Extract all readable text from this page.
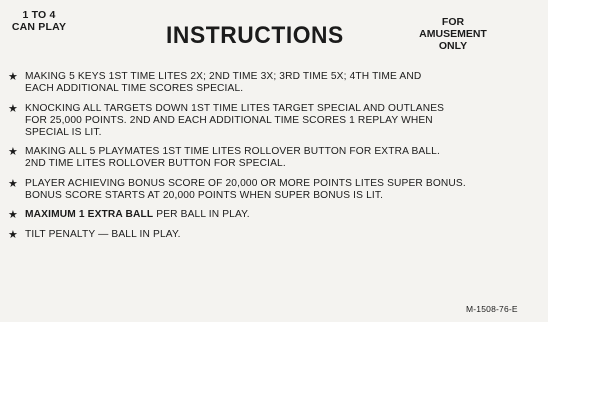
1 TO 4
CAN PLAY	INSTRUCTIONS	FOR
AMUSEMENT
ONLY
★ MAKING 5 KEYS 1ST TIME LITES 2X; 2ND TIME 3X; 3RD TIME 5X; 4TH TIME AND
EACH ADDITIONAL TIME SCORES SPECIAL.
★ KNOCKING ALL TARGETS DOWN 1ST TIME LITES TARGET SPECIAL AND OUTLANES
FOR 25,000 POINTS. 2ND AND EACH ADDITIONAL TIME SCORES 1 REPLAY WHEN
SPECIAL IS LIT.
★ MAKING ALL 5 PLAYMATES 1ST TIME LITES ROLLOVER BUTTON FOR EXTRA BALL.
2ND TIME LITES ROLLOVER BUTTON FOR SPECIAL.
★ PLAYER ACHIEVING BONUS SCORE OF 20,000 OR MORE POINTS LITES SUPER BONUS.
BONUS SCORE STARTS AT 20,000 POINTS WHEN SUPER BONUS IS LIT.
★ MAXIMUM 1 EXTRA BALL PER BALL IN PLAY.
★ TILT PENALTY — BALL IN PLAY.
M-1508-76-E
